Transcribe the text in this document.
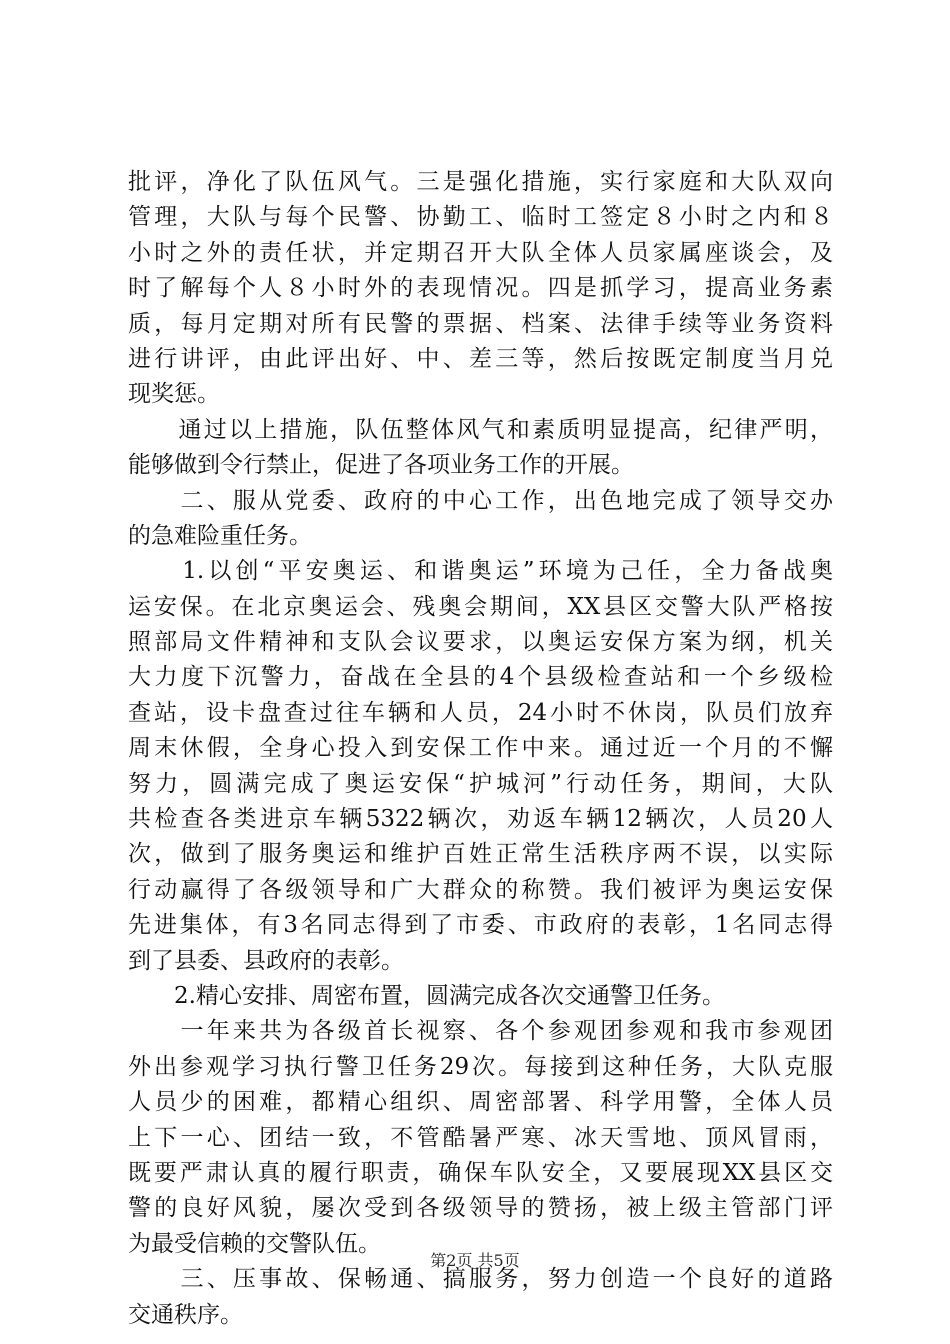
批评，净化了队伍风气。三是强化措施，实行家庭和大队双向
管理，大队与每个民警、协勤工、临时工签定８小时之内和８
小时之外的责任状，并定期召开大队全体人员家属座谈会，及
时了解每个人８小时外的表现情况。四是抓学习，提高业务素
质，每月定期对所有民警的票据、档案、法律手续等业务资料
进行讲评，由此评出好、中、差三等，然后按既定制度当月兑
现奖惩。
　　通过以上措施，队伍整体风气和素质明显提高，纪律严明，
能够做到令行禁止，促进了各项业务工作的开展。
　　二、服从党委、政府的中心工作，出色地完成了领导交办
的急难险重任务。
　　1.以创“平安奥运、和谐奥运”环境为己任，全力备战奥
运安保。在北京奥运会、残奥会期间，XX县区交警大队严格按
照部局文件精神和支队会议要求，以奥运安保方案为纲，机关
大力度下沉警力，奋战在全县的4个县级检查站和一个乡级检
查站，设卡盘查过往车辆和人员，24小时不休岗，队员们放弃
周末休假，全身心投入到安保工作中来。通过近一个月的不懈
努力，圆满完成了奥运安保“护城河”行动任务，期间，大队
共检查各类进京车辆5322辆次，劝返车辆12辆次，人员20人
次，做到了服务奥运和维护百姓正常生活秩序两不误，以实际
行动赢得了各级领导和广大群众的称赞。我们被评为奥运安保
先进集体，有3名同志得到了市委、市政府的表彰，1名同志得
到了县委、县政府的表彰。
　　2.精心安排、周密布置，圆满完成各次交通警卫任务。
　　一年来共为各级首长视察、各个参观团参观和我市参观团
外出参观学习执行警卫任务29次。每接到这种任务，大队克服
人员少的困难，都精心组织、周密部署、科学用警，全体人员
上下一心、团结一致，不管酷暑严寒、冰天雪地、顶风冒雨，
既要严肃认真的履行职责，确保车队安全，又要展现XX县区交
警的良好风貌，屡次受到各级领导的赞扬，被上级主管部门评
为最受信赖的交警队伍。
　　三、压事故、保畅通、搞服务，努力创造一个良好的道路
交通秩序。
第2页 共5页
